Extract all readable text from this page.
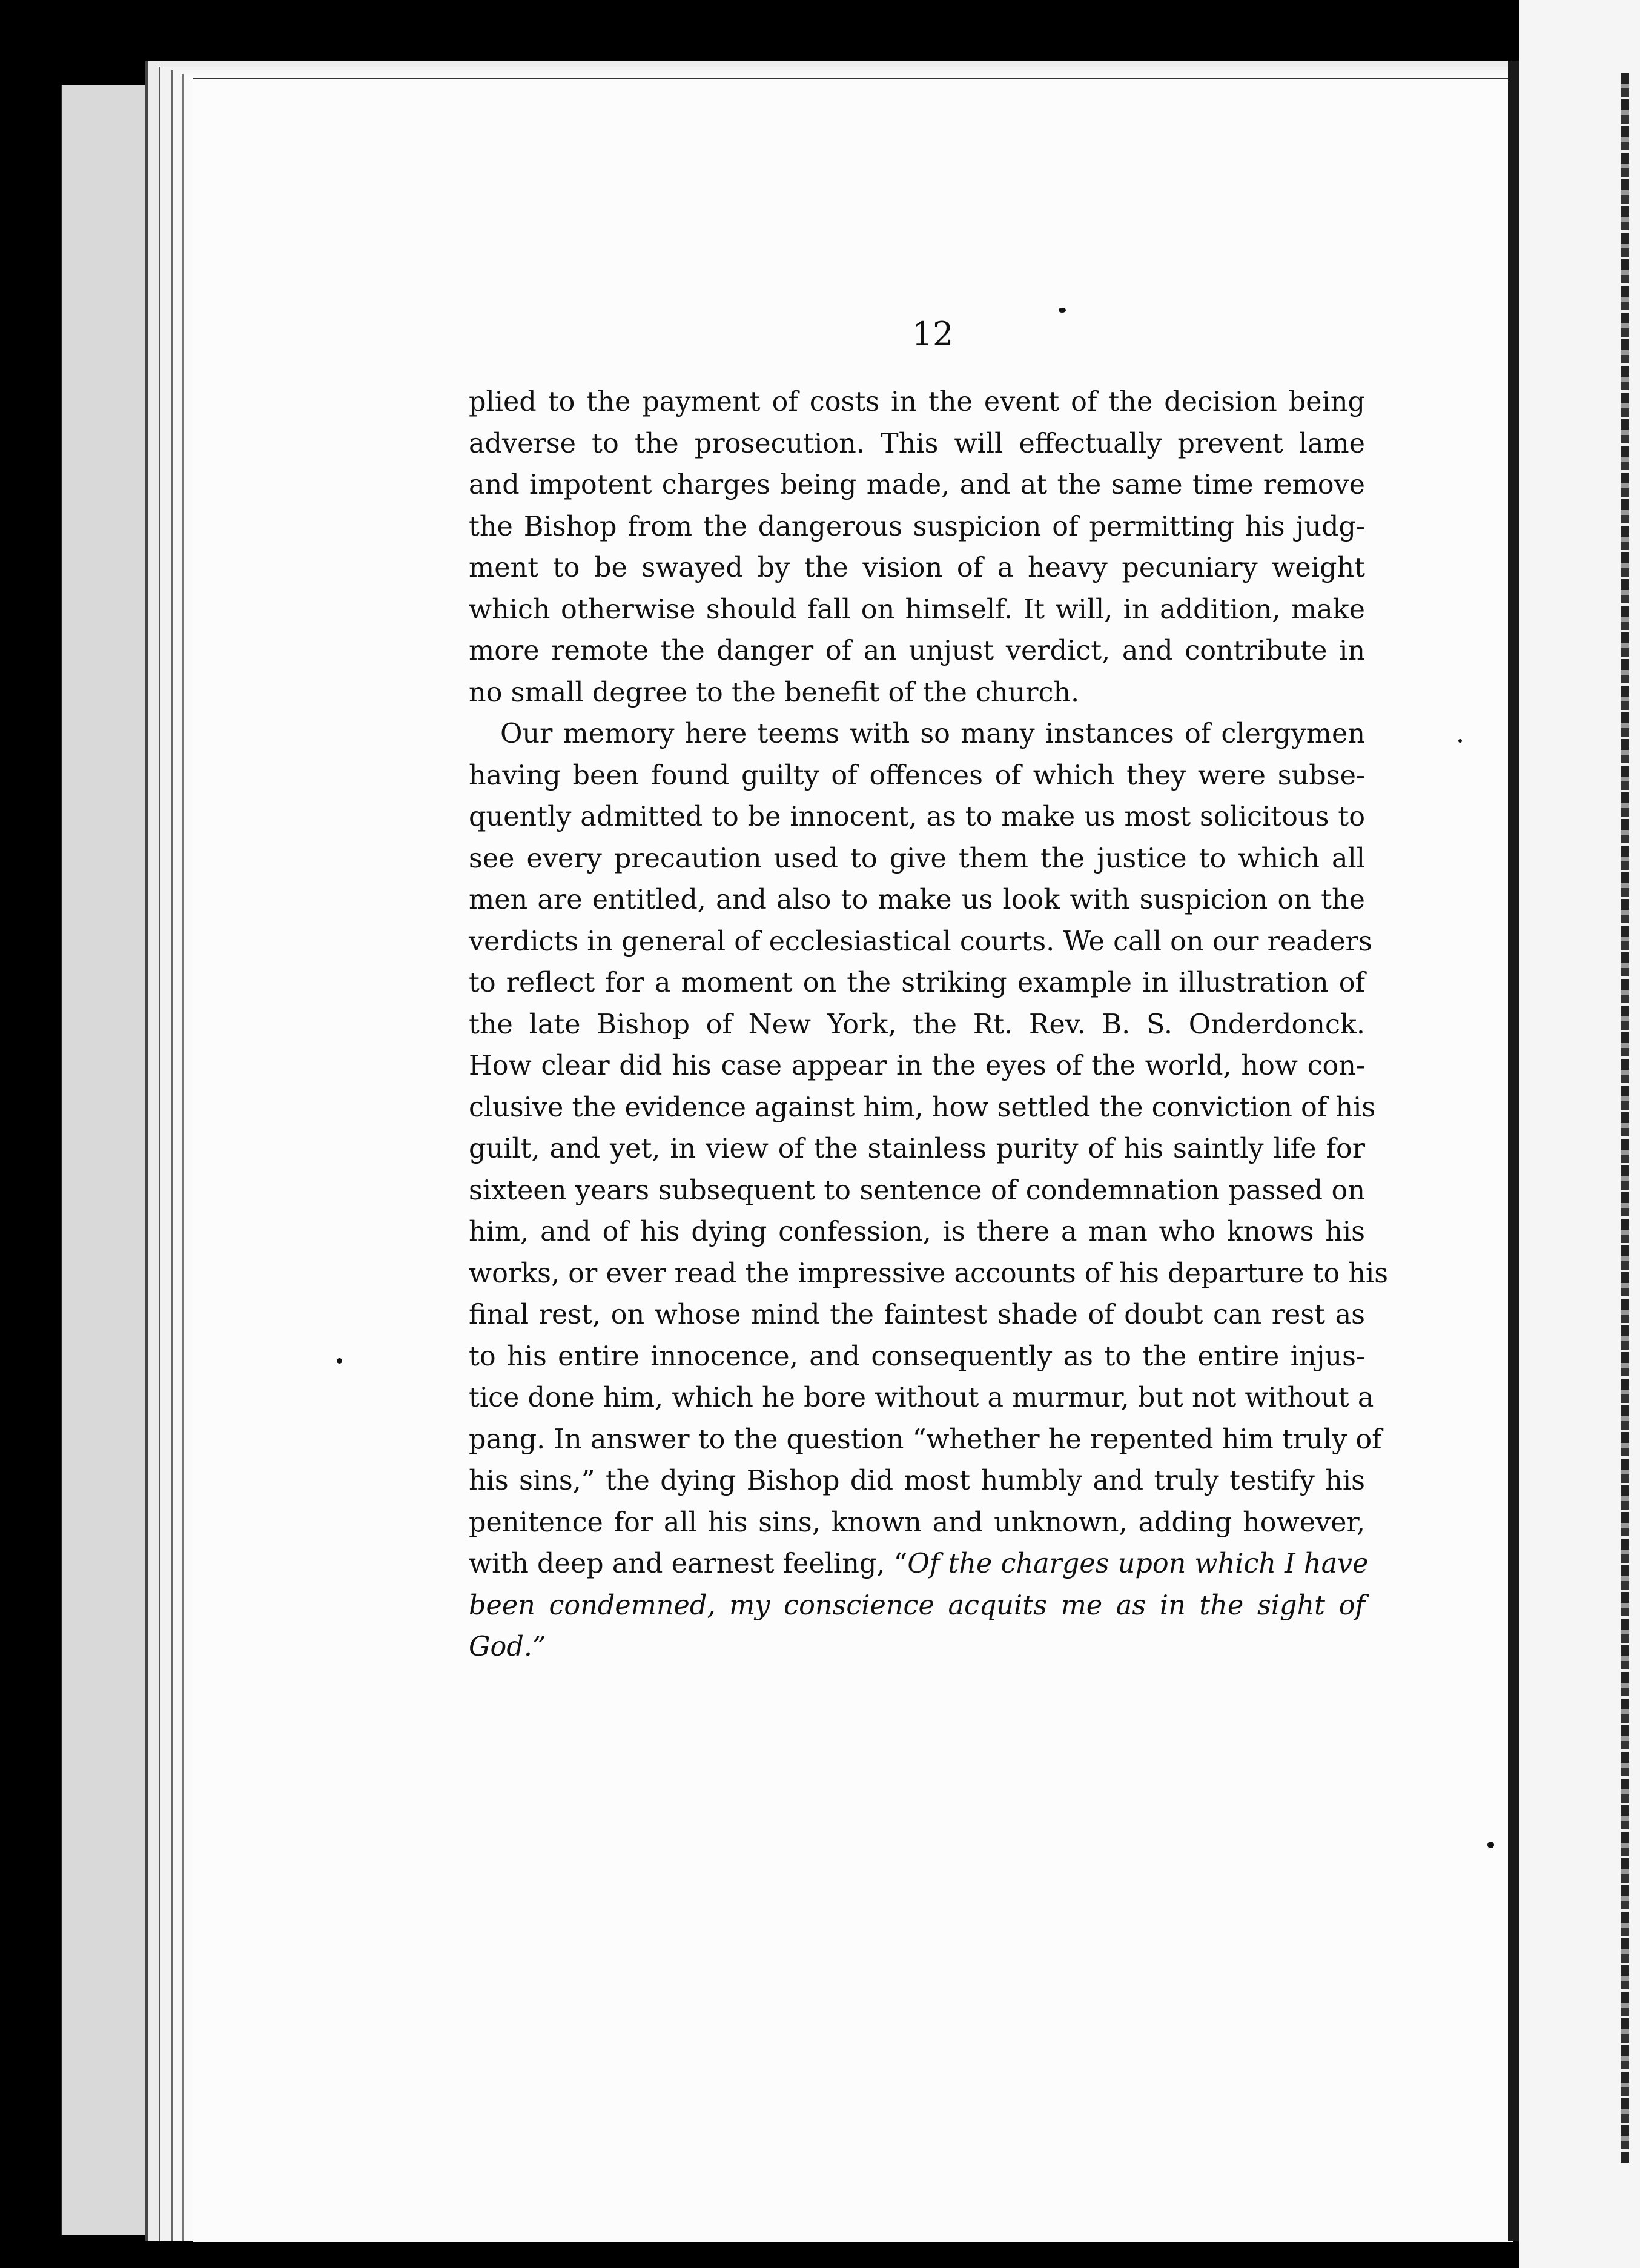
12
plied to the payment of costs in the event of the decision being
adverse to the prosecution. This will effectually prevent lame
and impotent charges being made, and at the same time remove
the Bishop from the dangerous suspicion of permitting his judg-
ment to be swayed by the vision of a heavy pecuniary weight
which otherwise should fall on himself. It will, in addition, make
more remote the danger of an unjust verdict, and contribute in
no small degree to the benefit of the church.
Our memory here teems with so many instances of clergymen
having been found guilty of offences of which they were subse-
quently admitted to be innocent, as to make us most solicitous to
see every precaution used to give them the justice to which all
men are entitled, and also to make us look with suspicion on the
verdicts in general of ecclesiastical courts. We call on our readers
to reflect for a moment on the striking example in illustration of
the late Bishop of New York, the Rt. Rev. B. S. Onderdonck.
How clear did his case appear in the eyes of the world, how con-
clusive the evidence against him, how settled the conviction of his
guilt, and yet, in view of the stainless purity of his saintly life for
sixteen years subsequent to sentence of condemnation passed on
him, and of his dying confession, is there a man who knows his
works, or ever read the impressive accounts of his departure to his
final rest, on whose mind the faintest shade of doubt can rest as
to his entire innocence, and consequently as to the entire injus-
tice done him, which he bore without a murmur, but not without a
pang. In answer to the question “whether he repented him truly of
his sins,” the dying Bishop did most humbly and truly testify his
penitence for all his sins, known and unknown, adding however,
with deep and earnest feeling, “Of the charges upon which I have
been condemned, my conscience acquits me as in the sight of
God.”
